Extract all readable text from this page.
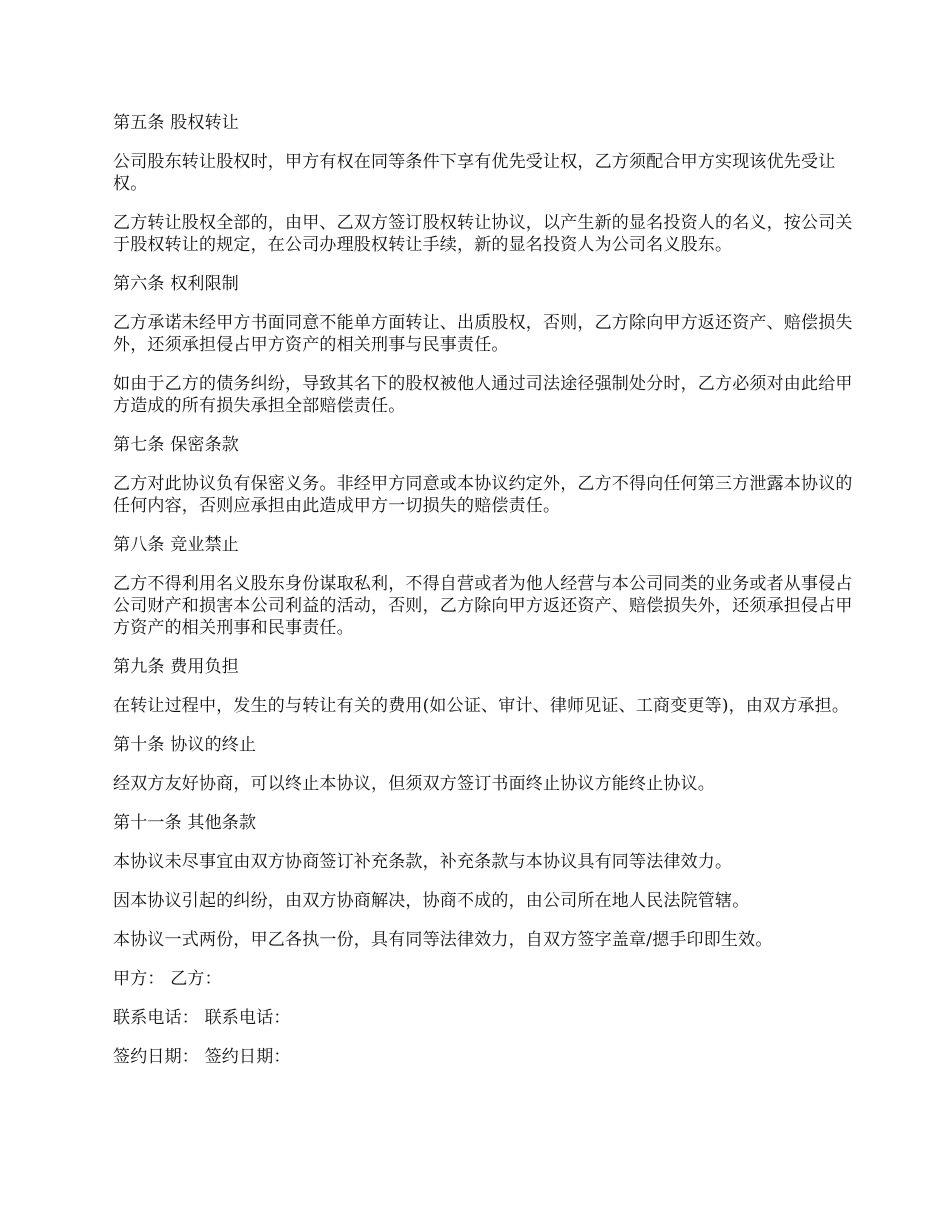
第五条 股权转让

公司股东转让股权时，甲方有权在同等条件下享有优先受让权，乙方须配合甲方实现该优先受让权。

乙方转让股权全部的，由甲、乙双方签订股权转让协议，以产生新的显名投资人的名义，按公司关于股权转让的规定，在公司办理股权转让手续，新的显名投资人为公司名义股东。

第六条 权利限制

乙方承诺未经甲方书面同意不能单方面转让、出质股权，否则，乙方除向甲方返还资产、赔偿损失外，还须承担侵占甲方资产的相关刑事与民事责任。

如由于乙方的债务纠纷，导致其名下的股权被他人通过司法途径强制处分时，乙方必须对由此给甲方造成的所有损失承担全部赔偿责任。

第七条 保密条款

乙方对此协议负有保密义务。非经甲方同意或本协议约定外，乙方不得向任何第三方泄露本协议的任何内容，否则应承担由此造成甲方一切损失的赔偿责任。

第八条 竞业禁止

乙方不得利用名义股东身份谋取私利，不得自营或者为他人经营与本公司同类的业务或者从事侵占公司财产和损害本公司利益的活动，否则，乙方除向甲方返还资产、赔偿损失外，还须承担侵占甲方资产的相关刑事和民事责任。

第九条 费用负担

在转让过程中，发生的与转让有关的费用(如公证、审计、律师见证、工商变更等)，由双方承担。

第十条 协议的终止

经双方友好协商，可以终止本协议，但须双方签订书面终止协议方能终止协议。

第十一条 其他条款

本协议未尽事宜由双方协商签订补充条款，补充条款与本协议具有同等法律效力。

因本协议引起的纠纷，由双方协商解决，协商不成的，由公司所在地人民法院管辖。

本协议一式两份，甲乙各执一份，具有同等法律效力，自双方签字盖章/摁手印即生效。

甲方： 乙方：

联系电话： 联系电话：

签约日期： 签约日期：
